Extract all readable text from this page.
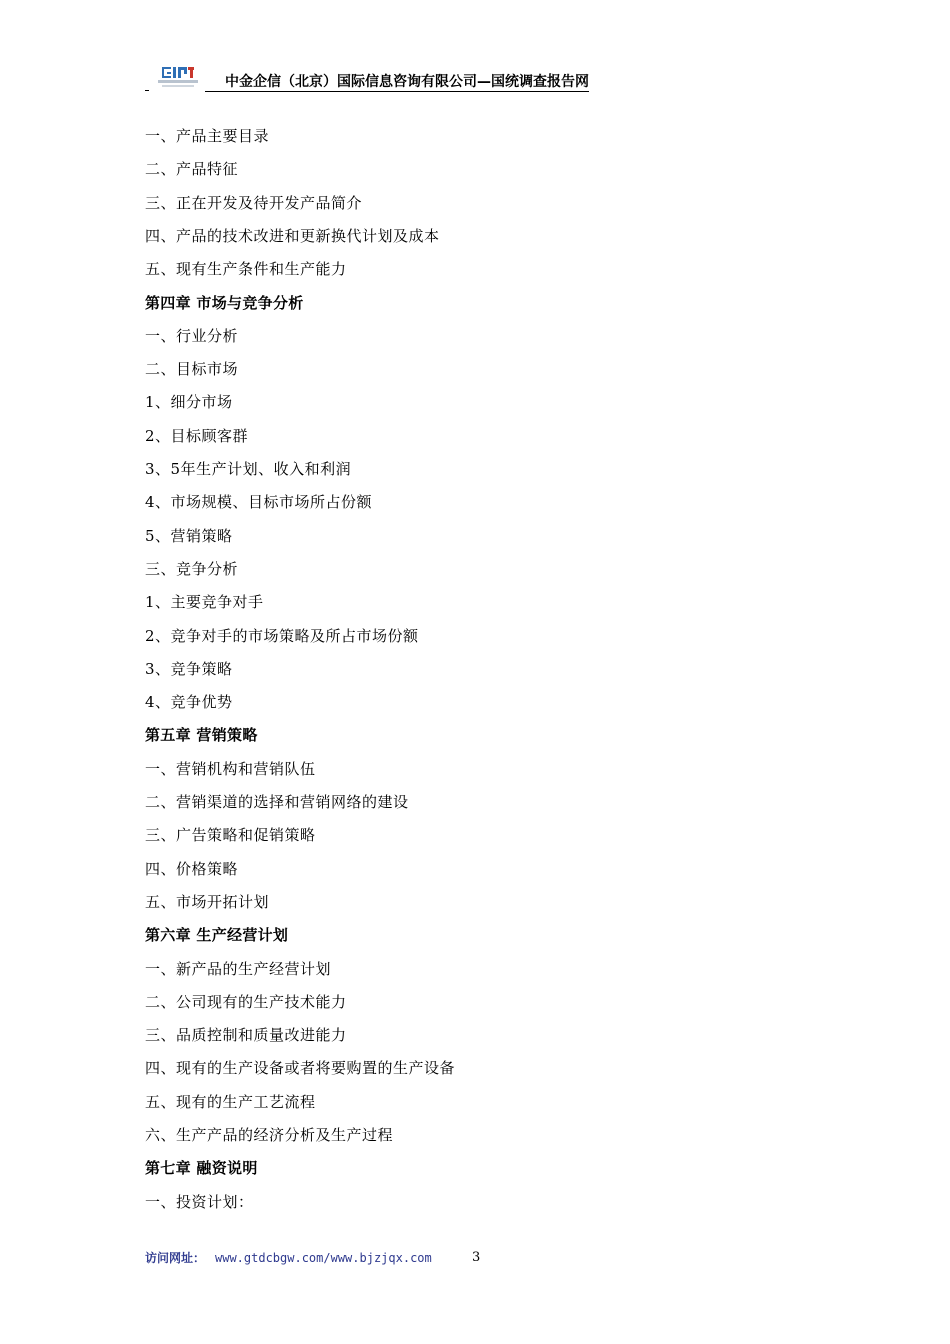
中金企信（北京）国际信息咨询有限公司—国统调查报告网
一、产品主要目录
二、产品特征
三、正在开发及待开发产品简介
四、产品的技术改进和更新换代计划及成本
五、现有生产条件和生产能力
第四章 市场与竞争分析
一、行业分析
二、目标市场
1、细分市场
2、目标顾客群
3、5年生产计划、收入和利润
4、市场规模、目标市场所占份额
5、营销策略
三、竞争分析
1、主要竞争对手
2、竞争对手的市场策略及所占市场份额
3、竞争策略
4、竞争优势
第五章 营销策略
一、营销机构和营销队伍
二、营销渠道的选择和营销网络的建设
三、广告策略和促销策略
四、价格策略
五、市场开拓计划
第六章 生产经营计划
一、新产品的生产经营计划
二、公司现有的生产技术能力
三、品质控制和质量改进能力
四、现有的生产设备或者将要购置的生产设备
五、现有的生产工艺流程
六、生产产品的经济分析及生产过程
第七章 融资说明
一、投资计划：
访问网址： www.gtdcbgw.com/www.bjzjqx.com	3
